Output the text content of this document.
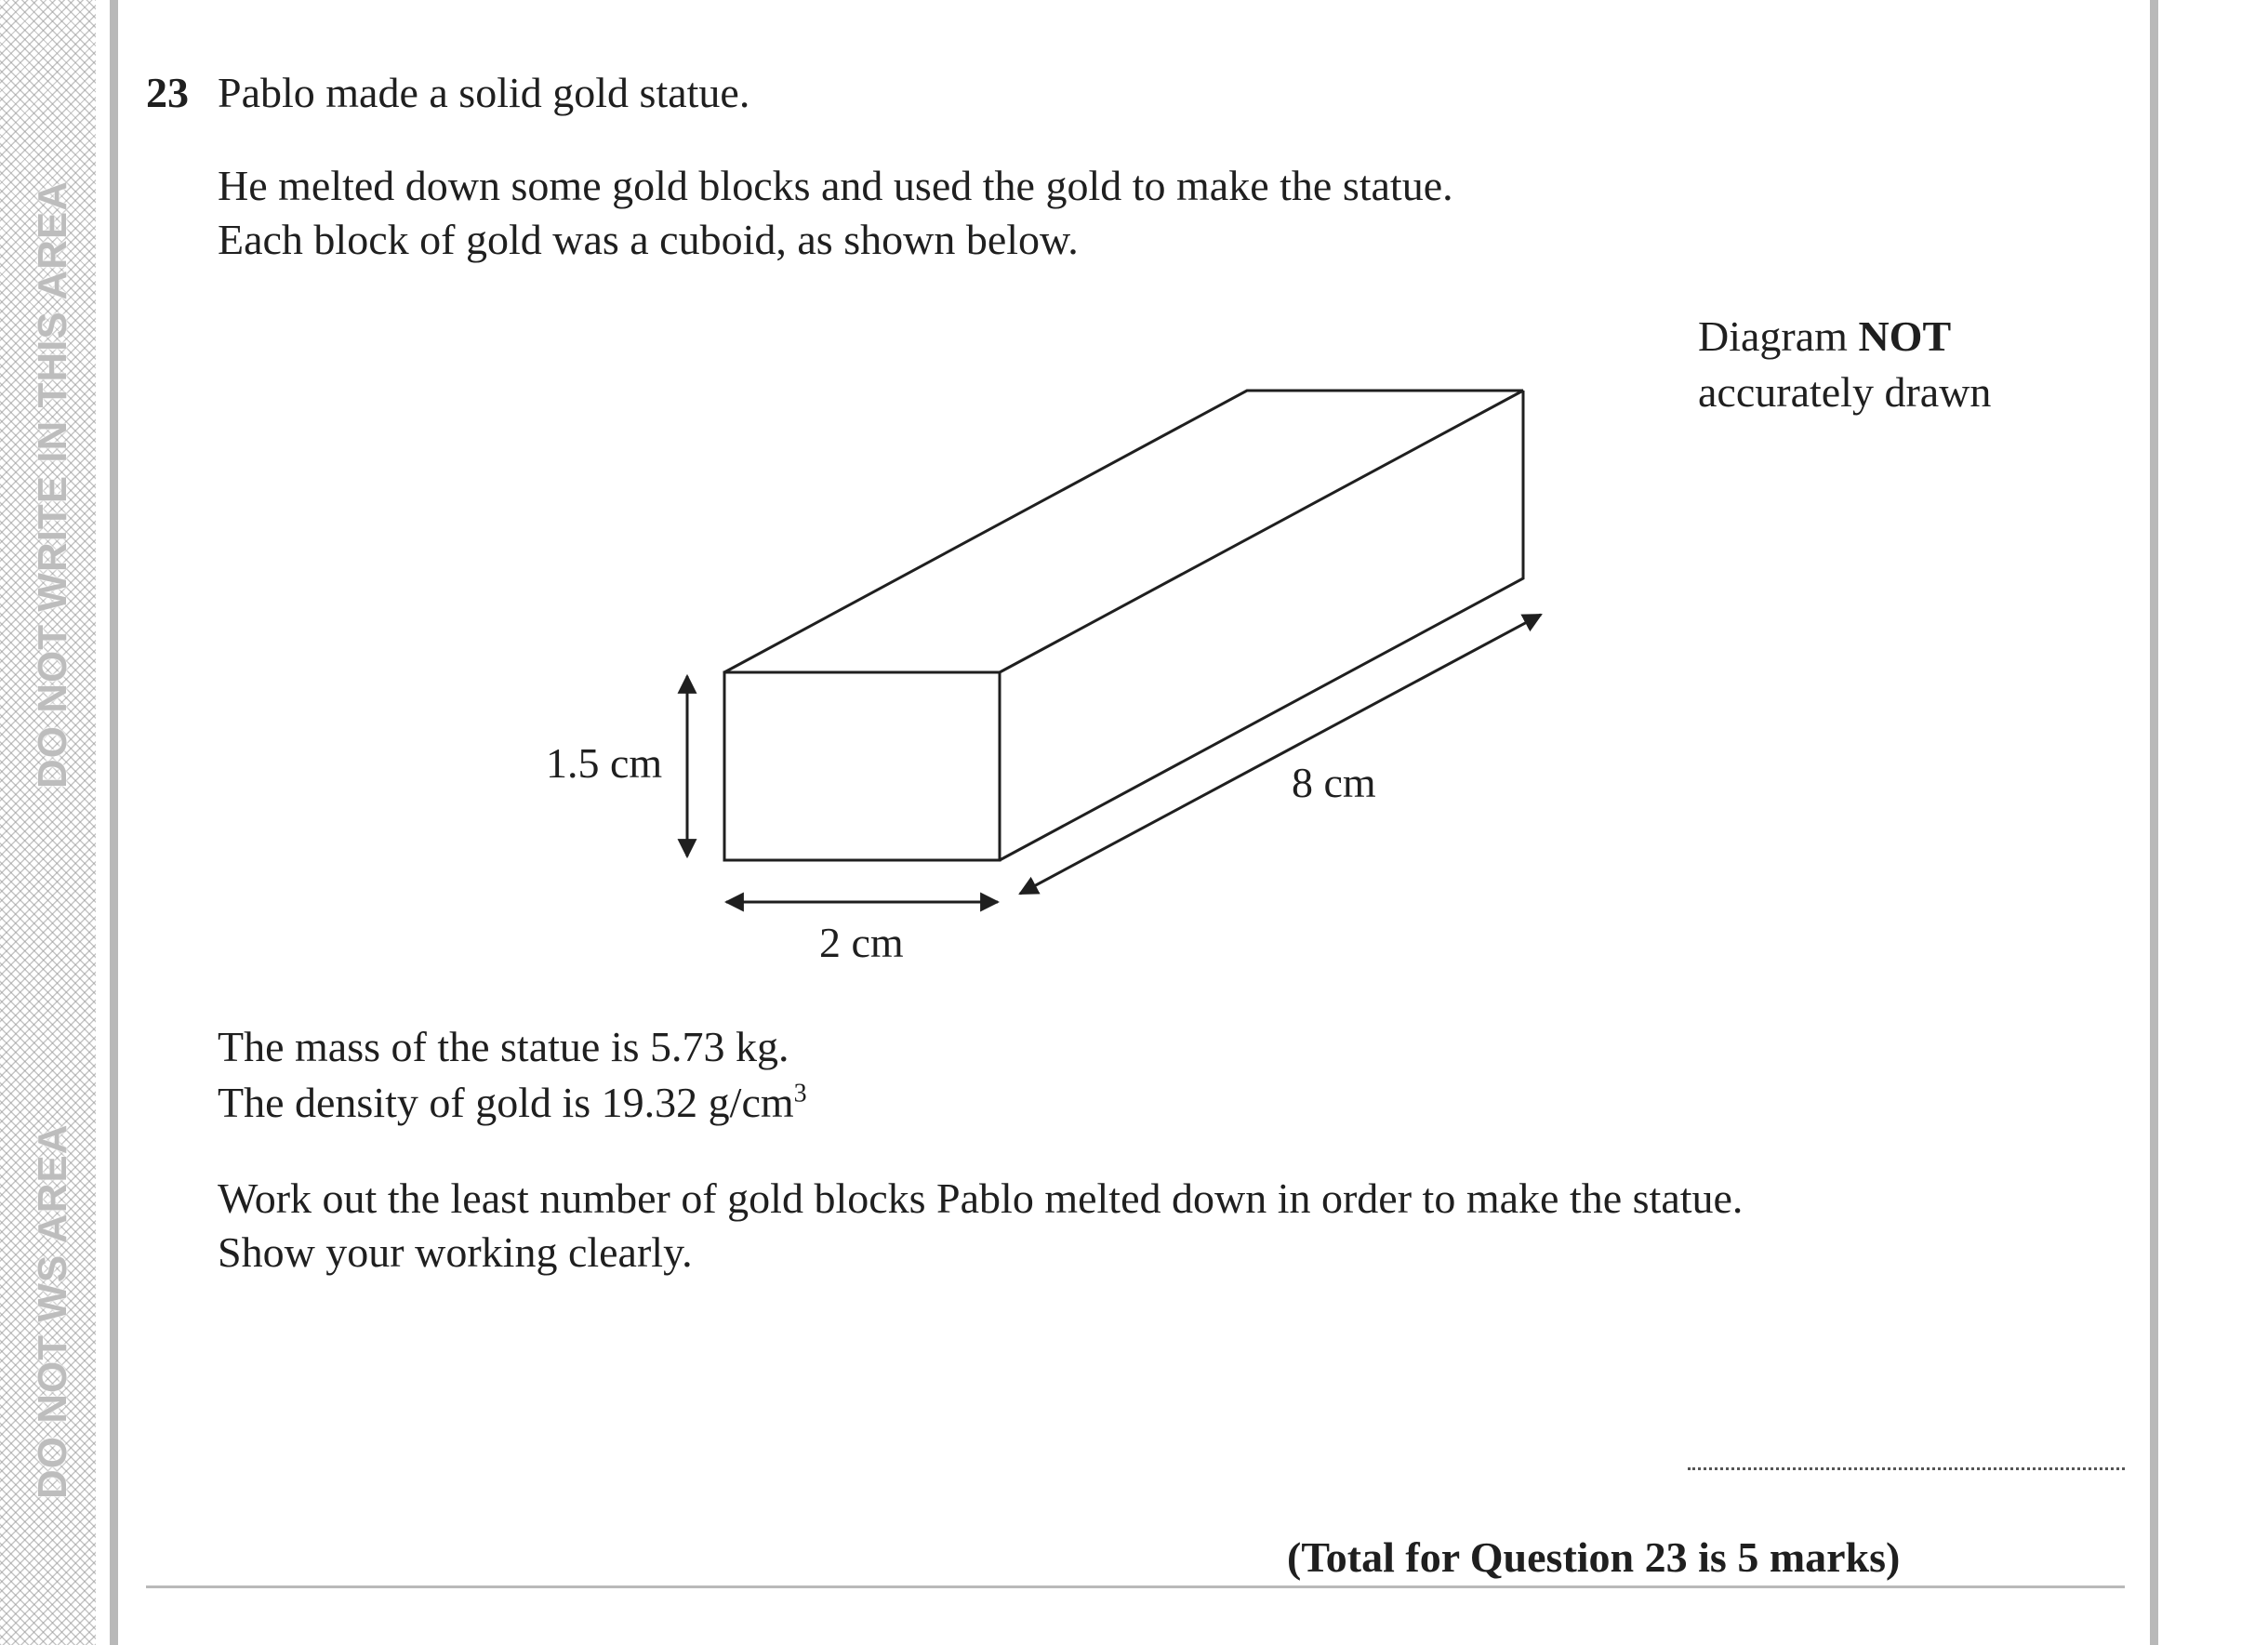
DO NOT WRITE IN THIS AREA
DO NOT WS AREA

23 Pablo made a solid gold statue.

He melted down some gold blocks and used the gold to make the statue.

Each block of gold was a cuboid, as shown below.

Diagram NOT

accurately drawn

1.5 cm
2 cm
8 cm

The mass of the statue is 5.73 kg.

The density of gold is 19.32 $g/cm^3$

Work out the least number of gold blocks Pablo melted down in order to make the statue.

Show your working clearly.

(Total for Question 23 is 5 marks)
